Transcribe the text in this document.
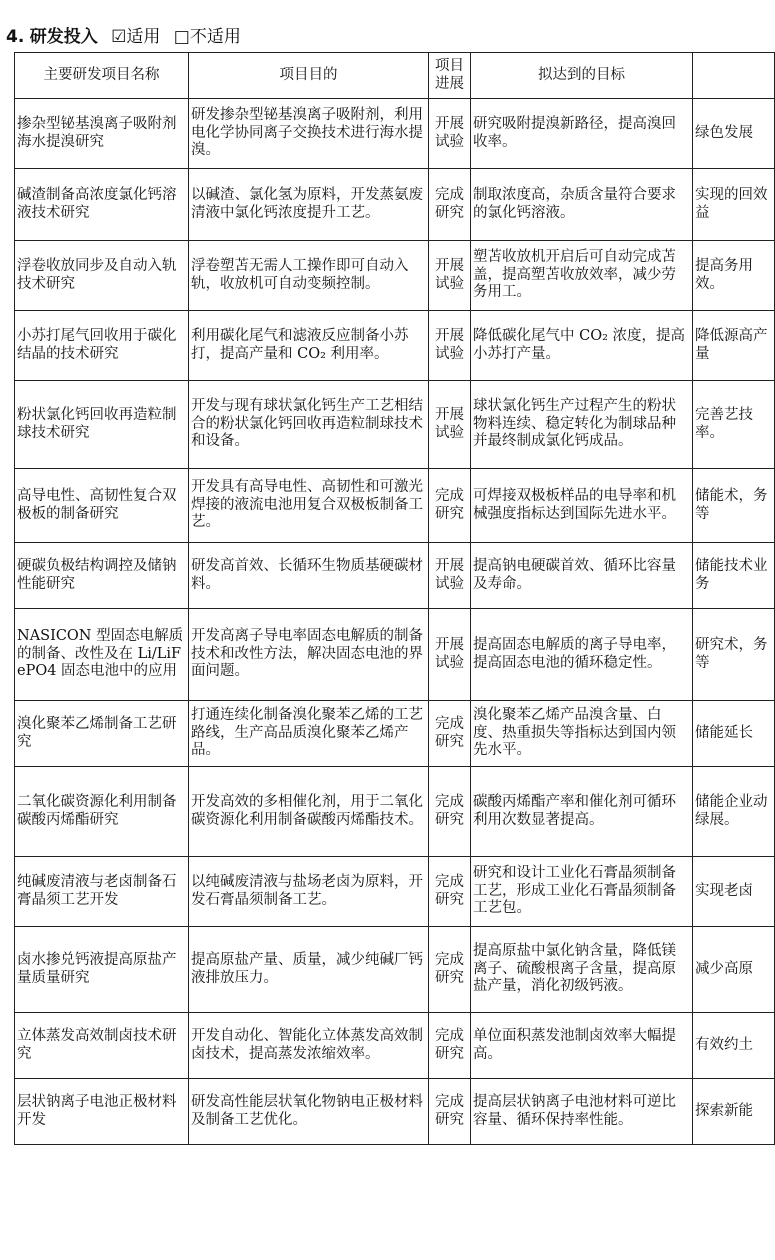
4. 研发投入 ☑适用 □不适用
主要研发项目名称	项目目的	项目进展	拟达到的目标	
掺杂型铋基溴离子吸附剂海水提溴研究	研发掺杂型铋基溴离子吸附剂，利用电化学协同离子交换技术进行海水提溴。	开展试验	研究吸附提溴新路径，提高溴回收率。	绿色发展
碱渣制备高浓度氯化钙溶液技术研究	以碱渣、氯化氢为原料，开发蒸氨废清液中氯化钙浓度提升工艺。	完成研究	制取浓度高，杂质含量符合要求的氯化钙溶液。	实现的回效益
浮卷收放同步及自动入轨技术研究	浮卷塑苫无需人工操作即可自动入轨，收放机可自动变频控制。	开展试验	塑苫收放机开启后可自动完成苫盖，提高塑苫收放效率，减少劳务用工。	提高务用效。
小苏打尾气回收用于碳化结晶的技术研究	利用碳化尾气和滤液反应制备小苏打，提高产量和 CO₂ 利用率。	开展试验	降低碳化尾气中 CO₂ 浓度，提高小苏打产量。	降低源高产量
粉状氯化钙回收再造粒制球技术研究	开发与现有球状氯化钙生产工艺相结合的粉状氯化钙回收再造粒制球技术和设备。	开展试验	球状氯化钙生产过程产生的粉状物料连续、稳定转化为制球品种并最终制成氯化钙成品。	完善艺技率。
高导电性、高韧性复合双极板的制备研究	开发具有高导电性、高韧性和可激光焊接的液流电池用复合双极板制备工艺。	完成研究	可焊接双极板样品的电导率和机械强度指标达到国际先进水平。	储能术，务等
硬碳负极结构调控及储钠性能研究	研发高首效、长循环生物质基硬碳材料。	开展试验	提高钠电硬碳首效、循环比容量及寿命。	储能技术业务
NASICON 型固态电解质的制备、改性及在 Li/LiFePO4 固态电池中的应用	开发高离子导电率固态电解质的制备技术和改性方法，解决固态电池的界面问题。	开展试验	提高固态电解质的离子导电率，提高固态电池的循环稳定性。	研究术，务等
溴化聚苯乙烯制备工艺研究	打通连续化制备溴化聚苯乙烯的工艺路线，生产高品质溴化聚苯乙烯产品。	完成研究	溴化聚苯乙烯产品溴含量、白度、热重损失等指标达到国内领先水平。	储能延长
二氧化碳资源化利用制备碳酸丙烯酯研究	开发高效的多相催化剂，用于二氧化碳资源化利用制备碳酸丙烯酯技术。	完成研究	碳酸丙烯酯产率和催化剂可循环利用次数显著提高。	储能企业动绿展。
纯碱废清液与老卤制备石膏晶须工艺开发	以纯碱废清液与盐场老卤为原料，开发石膏晶须制备工艺。	完成研究	研究和设计工业化石膏晶须制备工艺，形成工业化石膏晶须制备工艺包。	实现老卤
卤水掺兑钙液提高原盐产量质量研究	提高原盐产量、质量，减少纯碱厂钙液排放压力。	完成研究	提高原盐中氯化钠含量，降低镁离子、硫酸根离子含量，提高原盐产量，消化初级钙液。	减少高原
立体蒸发高效制卤技术研究	开发自动化、智能化立体蒸发高效制卤技术，提高蒸发浓缩效率。	完成研究	单位面积蒸发池制卤效率大幅提高。	有效约土
层状钠离子电池正极材料开发	研发高性能层状氧化物钠电正极材料及制备工艺优化。	完成研究	提高层状钠离子电池材料可逆比容量、循环保持率性能。	探索新能
